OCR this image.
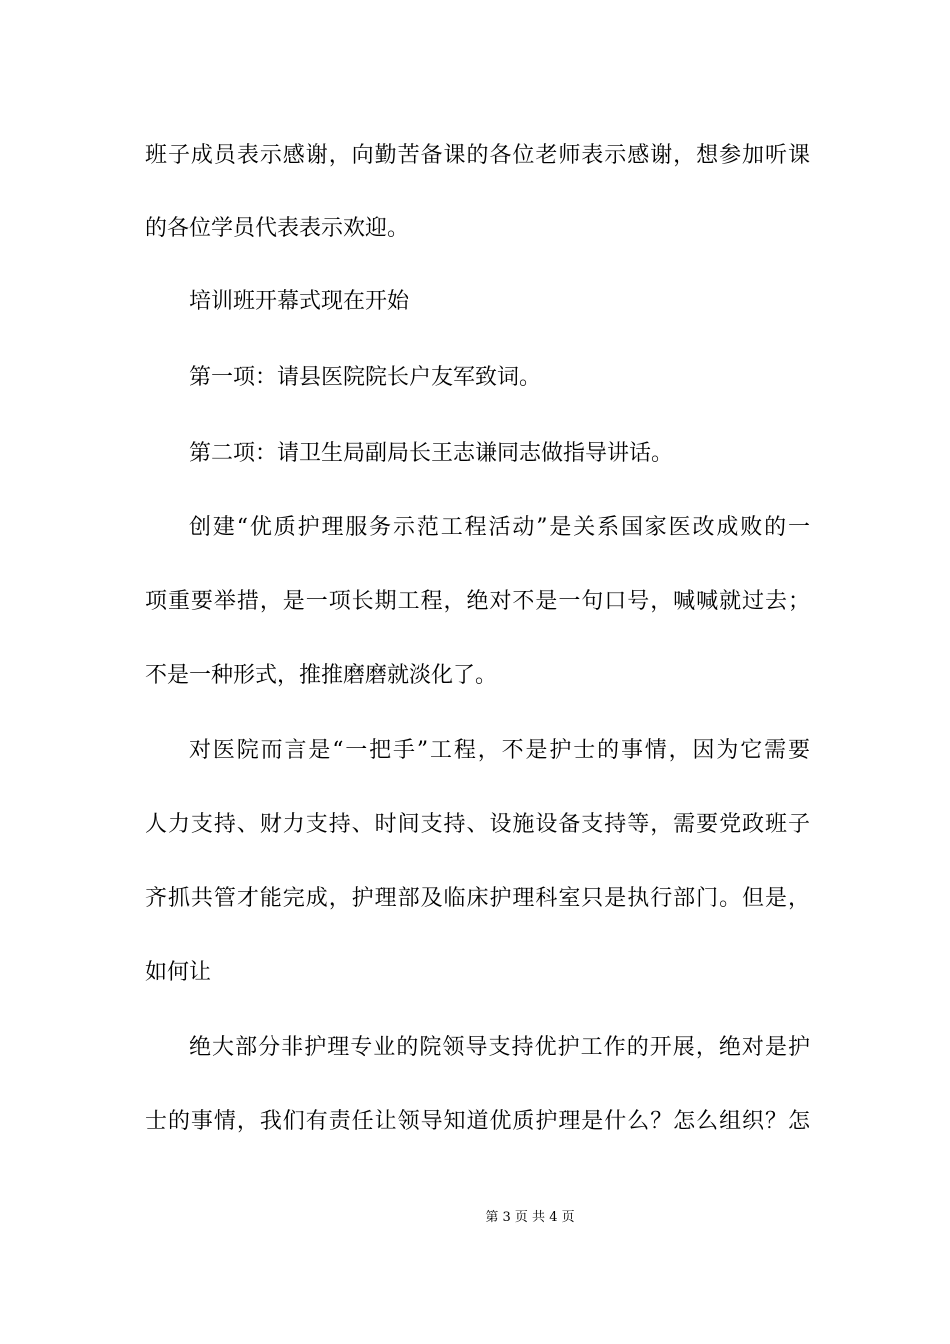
班子成员表示感谢，向勤苦备课的各位老师表示感谢，想参加听课
的各位学员代表表示欢迎。
培训班开幕式现在开始
第一项：请县医院院长户友军致词。
第二项：请卫生局副局长王志谦同志做指导讲话。
创建“优质护理服务示范工程活动”是关系国家医改成败的一
项重要举措，是一项长期工程，绝对不是一句口号，喊喊就过去；
不是一种形式，推推磨磨就淡化了。
对医院而言是“一把手”工程，不是护士的事情，因为它需要
人力支持、财力支持、时间支持、设施设备支持等，需要党政班子
齐抓共管才能完成，护理部及临床护理科室只是执行部门。但是，
如何让
绝大部分非护理专业的院领导支持优护工作的开展，绝对是护
士的事情，我们有责任让领导知道优质护理是什么？怎么组织？怎
第 3 页 共 4 页
